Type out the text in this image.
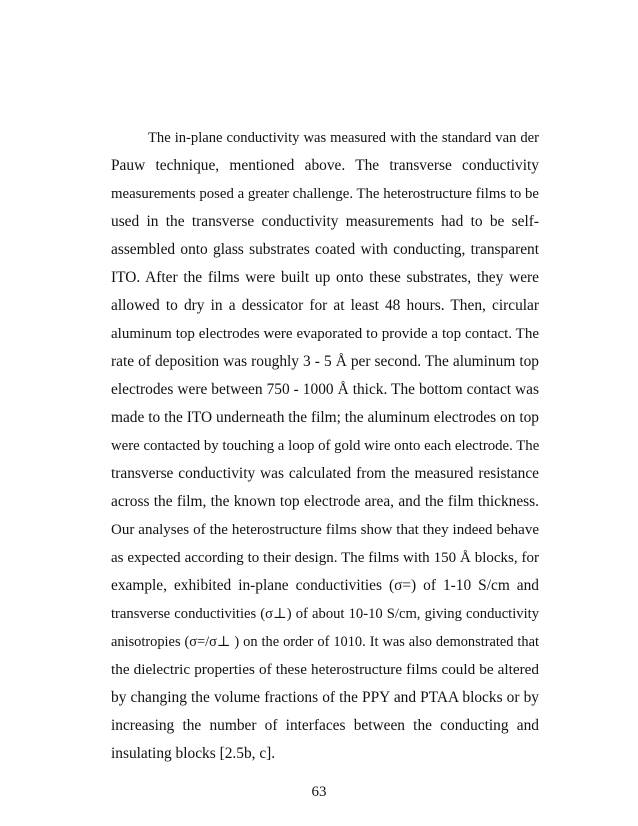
The in-plane conductivity was measured with the standard van der
Pauw technique, mentioned above. The transverse conductivity
measurements posed a greater challenge. The heterostructure films to be
used in the transverse conductivity measurements had to be self-
assembled onto glass substrates coated with conducting, transparent
ITO. After the films were built up onto these substrates, they were
allowed to dry in a dessicator for at least 48 hours. Then, circular
aluminum top electrodes were evaporated to provide a top contact. The
rate of deposition was roughly 3 - 5 Å per second. The aluminum top
electrodes were between 750 - 1000 Å thick. The bottom contact was
made to the ITO underneath the film; the aluminum electrodes on top
were contacted by touching a loop of gold wire onto each electrode. The
transverse conductivity was calculated from the measured resistance
across the film, the known top electrode area, and the film thickness.
Our analyses of the heterostructure films show that they indeed behave
as expected according to their design. The films with 150 Å blocks, for
example, exhibited in-plane conductivities (σ=) of 1-10 S/cm and
transverse conductivities (σ⊥) of about 10-10 S/cm, giving conductivity
anisotropies (σ=/σ⊥ ) on the order of 1010. It was also demonstrated that
the dielectric properties of these heterostructure films could be altered
by changing the volume fractions of the PPY and PTAA blocks or by
increasing the number of interfaces between the conducting and
insulating blocks [2.5b, c].
63
